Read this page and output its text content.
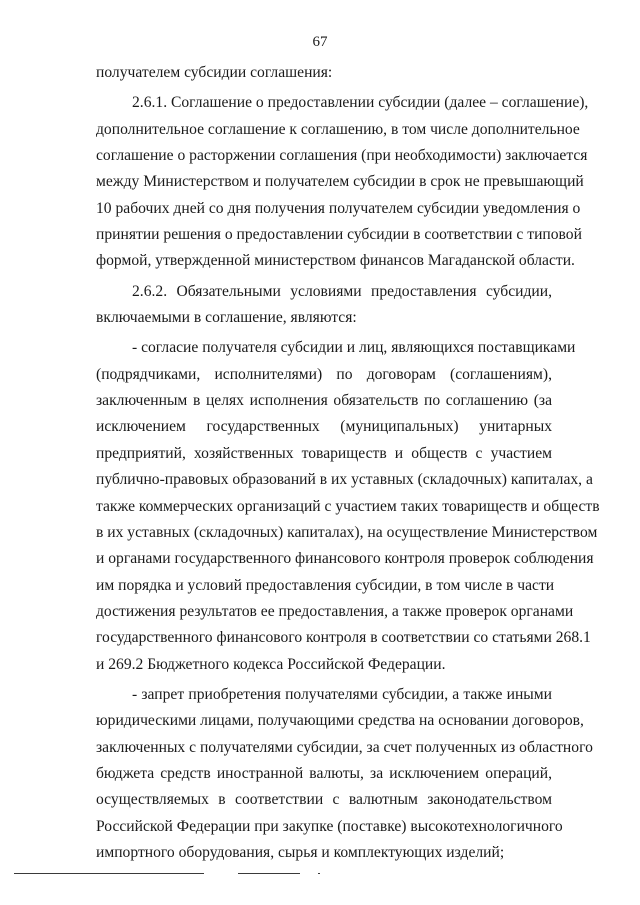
67
получателем субсидии соглашения:
2.6.1. Соглашение о предоставлении субсидии (далее – соглашение),
дополнительное соглашение к соглашению, в том числе дополнительное
соглашение о расторжении соглашения (при необходимости) заключается
между Министерством и получателем субсидии в срок не превышающий
10 рабочих дней со дня получения получателем субсидии уведомления о
принятии решения о предоставлении субсидии в соответствии с типовой
формой, утвержденной министерством финансов Магаданской области.
2.6.2. Обязательными условиями предоставления субсидии,
включаемыми в соглашение, являются:
- согласие получателя субсидии и лиц, являющихся поставщиками
(подрядчиками, исполнителями) по договорам (соглашениям),
заключенным в целях исполнения обязательств по соглашению (за
исключением государственных (муниципальных) унитарных
предприятий, хозяйственных товариществ и обществ с участием
публично-правовых образований в их уставных (складочных) капиталах, а
также коммерческих организаций с участием таких товариществ и обществ
в их уставных (складочных) капиталах), на осуществление Министерством
и органами государственного финансового контроля проверок соблюдения
им порядка и условий предоставления субсидии, в том числе в части
достижения результатов ее предоставления, а также проверок органами
государственного финансового контроля в соответствии со статьями 268.1
и 269.2 Бюджетного кодекса Российской Федерации.
- запрет приобретения получателями субсидии, а также иными
юридическими лицами, получающими средства на основании договоров,
заключенных с получателями субсидии, за счет полученных из областного
бюджета средств иностранной валюты, за исключением операций,
осуществляемых в соответствии с валютным законодательством
Российской Федерации при закупке (поставке) высокотехнологичного
импортного оборудования, сырья и комплектующих изделий;
